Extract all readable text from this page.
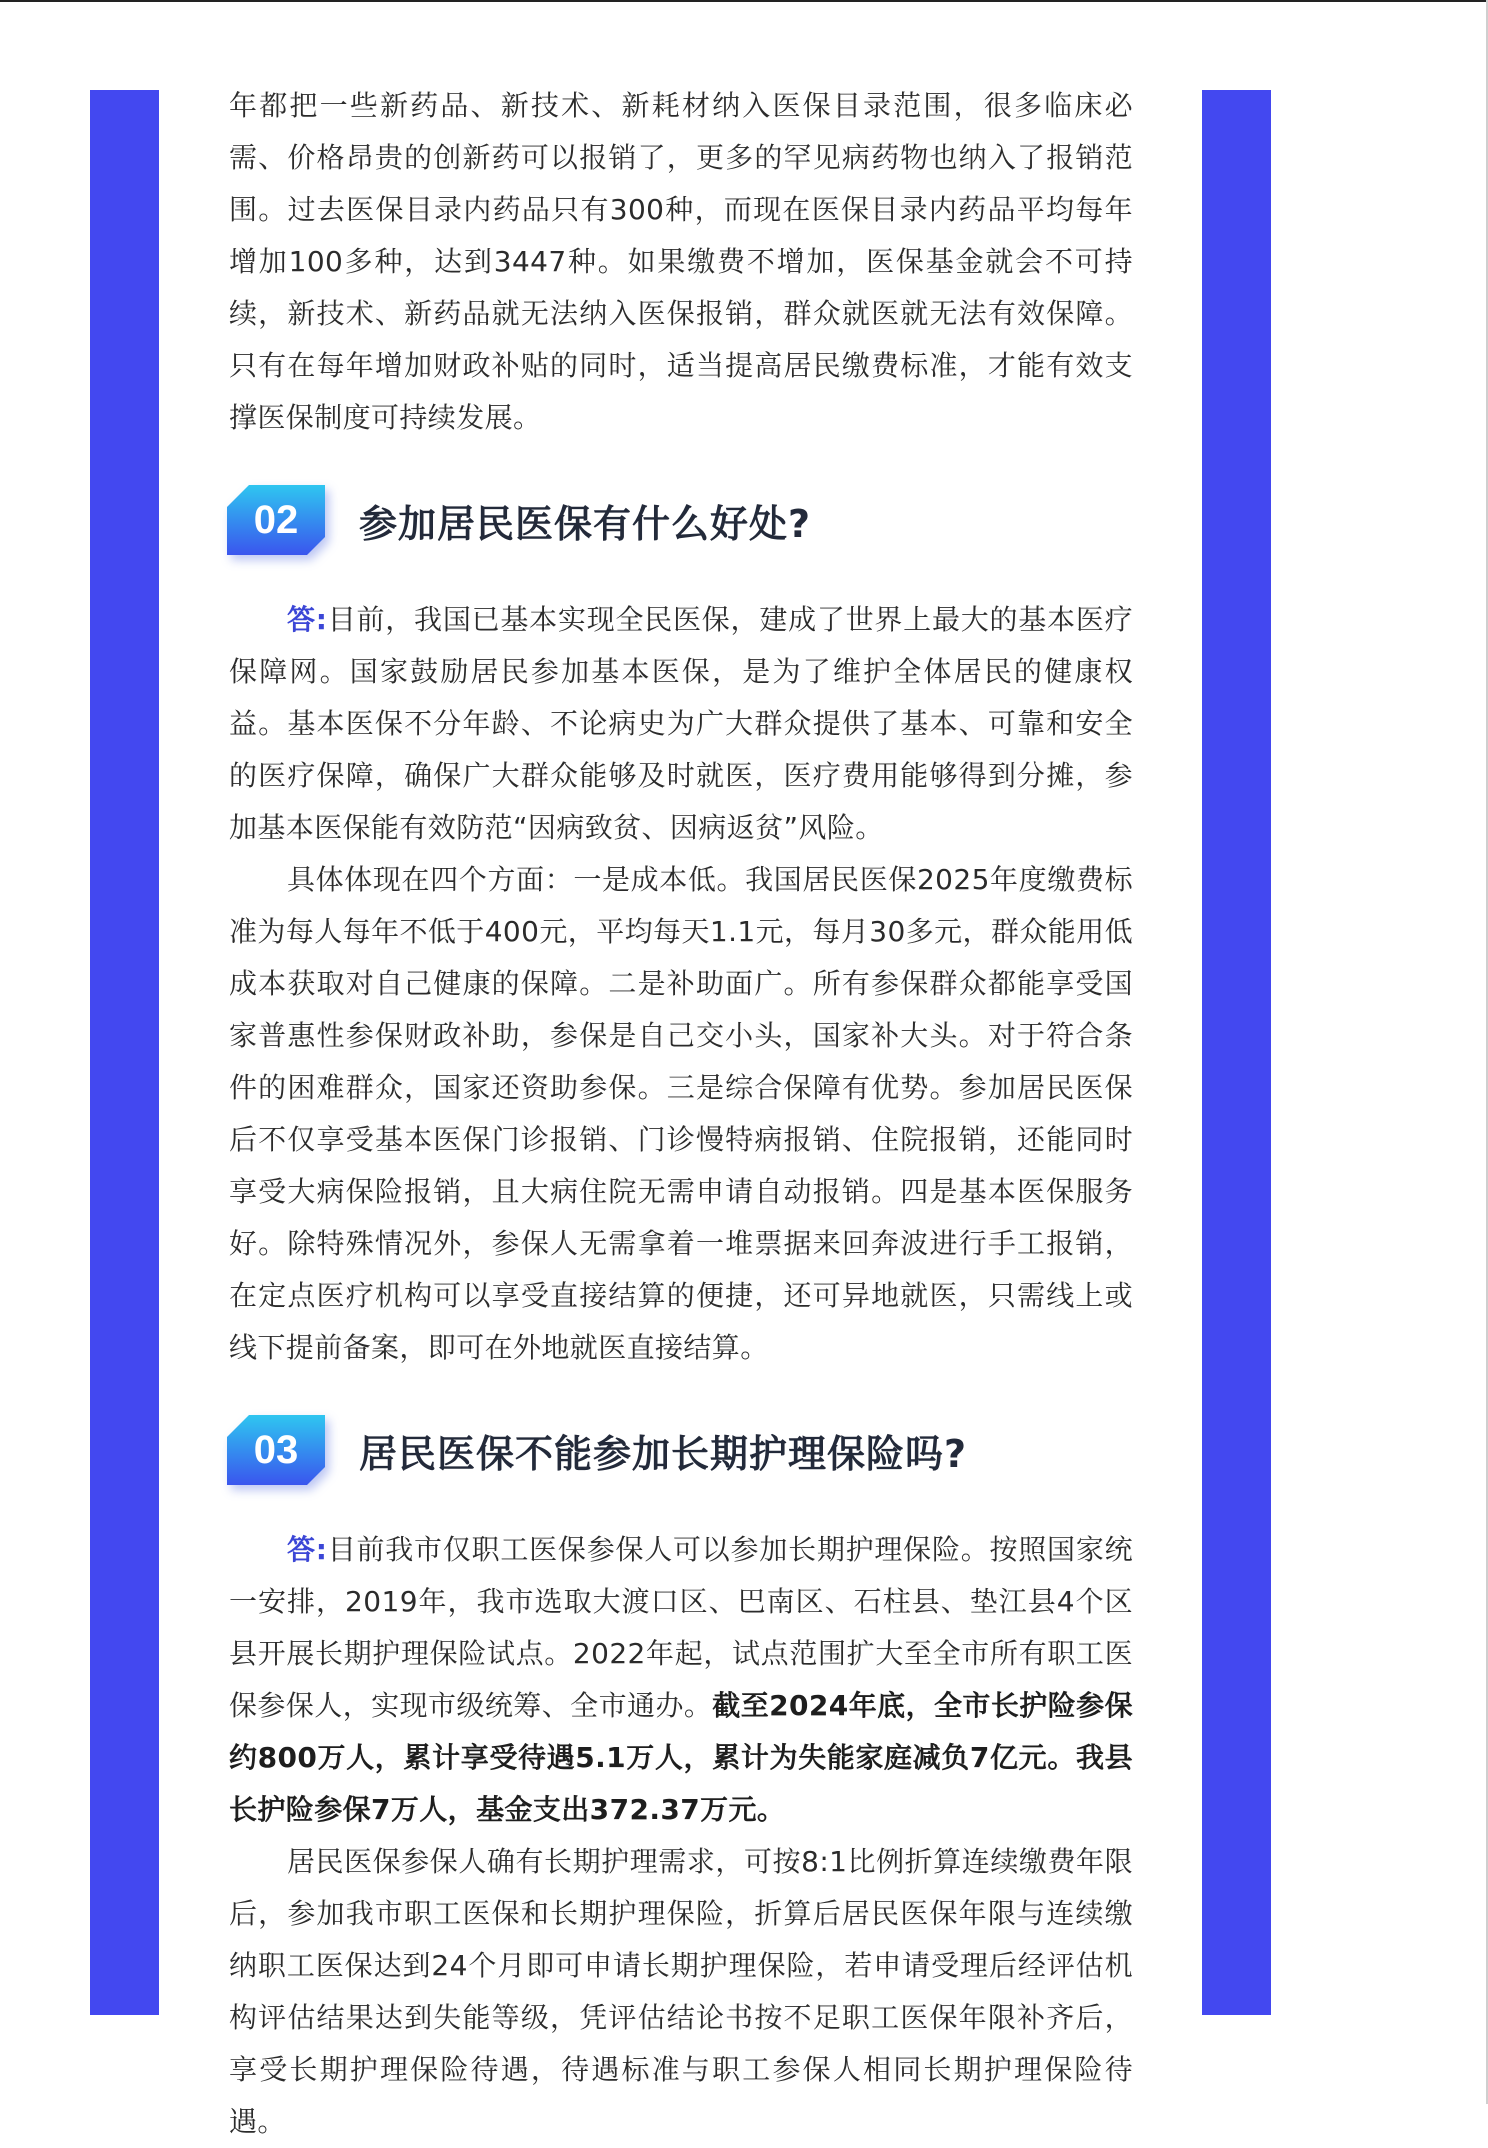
年都把一些新药品、新技术、新耗材纳入医保目录范围，很多临床必需、价格昂贵的创新药可以报销了，更多的罕见病药物也纳入了报销范围。过去医保目录内药品只有300种，而现在医保目录内药品平均每年增加100多种，达到3447种。如果缴费不增加，医保基金就会不可持续，新技术、新药品就无法纳入医保报销，群众就医就无法有效保障。只有在每年增加财政补贴的同时，适当提高居民缴费标准，才能有效支撑医保制度可持续发展。

02	参加居民医保有什么好处?

答:目前，我国已基本实现全民医保，建成了世界上最大的基本医疗保障网。国家鼓励居民参加基本医保，是为了维护全体居民的健康权益。基本医保不分年龄、不论病史为广大群众提供了基本、可靠和安全的医疗保障，确保广大群众能够及时就医，医疗费用能够得到分摊，参加基本医保能有效防范“因病致贫、因病返贫”风险。

具体体现在四个方面：一是成本低。我国居民医保2025年度缴费标准为每人每年不低于400元，平均每天1.1元，每月30多元，群众能用低成本获取对自己健康的保障。二是补助面广。所有参保群众都能享受国家普惠性参保财政补助，参保是自己交小头，国家补大头。对于符合条件的困难群众，国家还资助参保。三是综合保障有优势。参加居民医保后不仅享受基本医保门诊报销、门诊慢特病报销、住院报销，还能同时享受大病保险报销，且大病住院无需申请自动报销。四是基本医保服务好。除特殊情况外，参保人无需拿着一堆票据来回奔波进行手工报销，在定点医疗机构可以享受直接结算的便捷，还可异地就医，只需线上或线下提前备案，即可在外地就医直接结算。

03	居民医保不能参加长期护理保险吗?

答:目前我市仅职工医保参保人可以参加长期护理保险。按照国家统一安排，2019年，我市选取大渡口区、巴南区、石柱县、垫江县4个区县开展长期护理保险试点。2022年起，试点范围扩大至全市所有职工医保参保人，实现市级统筹、全市通办。截至2024年底，全市长护险参保约800万人，累计享受待遇5.1万人，累计为失能家庭减负7亿元。我县长护险参保7万人，基金支出372.37万元。

居民医保参保人确有长期护理需求，可按8:1比例折算连续缴费年限后，参加我市职工医保和长期护理保险，折算后居民医保年限与连续缴纳职工医保达到24个月即可申请长期护理保险，若申请受理后经评估机构评估结果达到失能等级，凭评估结论书按不足职工医保年限补齐后，享受长期护理保险待遇，待遇标准与职工参保人相同长期护理保险待遇。
